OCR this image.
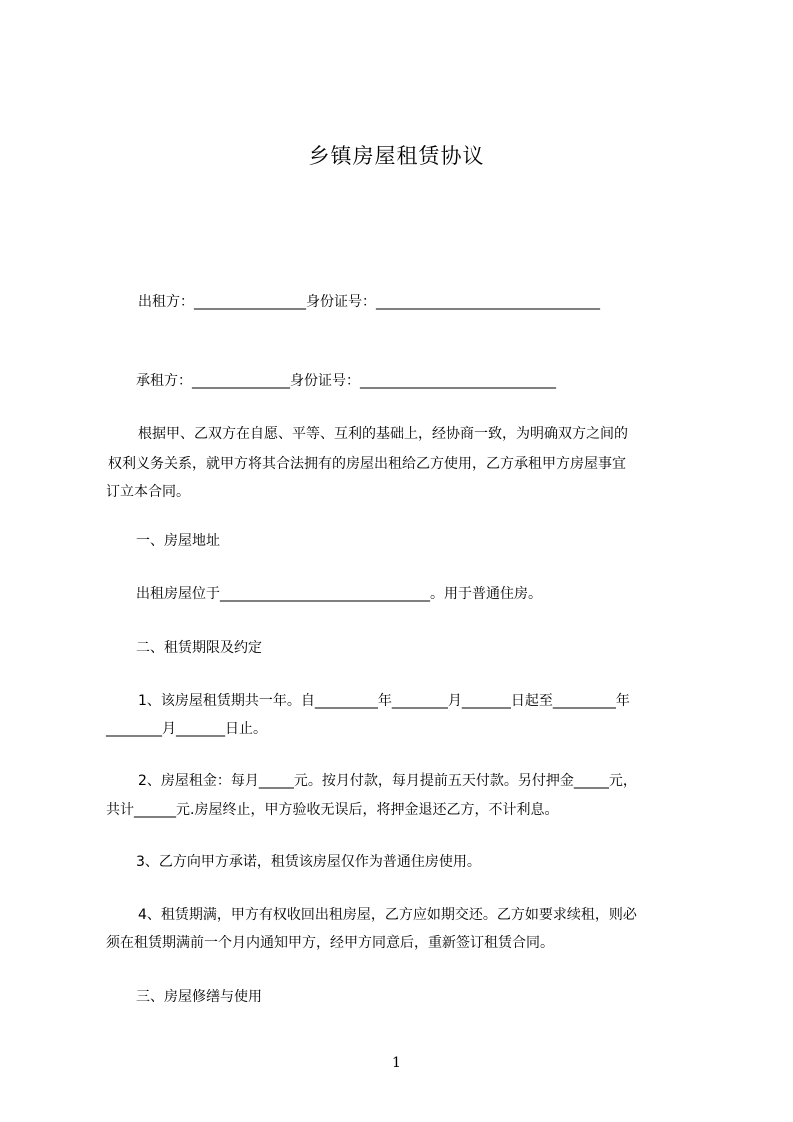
乡镇房屋租赁协议
出租方：________________身份证号：________________________________
承租方：______________身份证号：____________________________
根据甲、乙双方在自愿、平等、互利的基础上，经协商一致，为明确双方之间的
权利义务关系，就甲方将其合法拥有的房屋出租给乙方使用，乙方承租甲方房屋事宜
订立本合同。
一、房屋地址
出租房屋位于______________________________。用于普通住房。
二、租赁期限及约定
1、该房屋租赁期共一年。自_________年________月_______日起至_________年
________月_______日止。
2、房屋租金：每月_____元。按月付款，每月提前五天付款。另付押金_____元，
共计______元.房屋终止，甲方验收无误后，将押金退还乙方，不计利息。
3、乙方向甲方承诺，租赁该房屋仅作为普通住房使用。
4、租赁期满，甲方有权收回出租房屋，乙方应如期交还。乙方如要求续租，则必
须在租赁期满前一个月内通知甲方，经甲方同意后，重新签订租赁合同。
三、房屋修缮与使用
1
